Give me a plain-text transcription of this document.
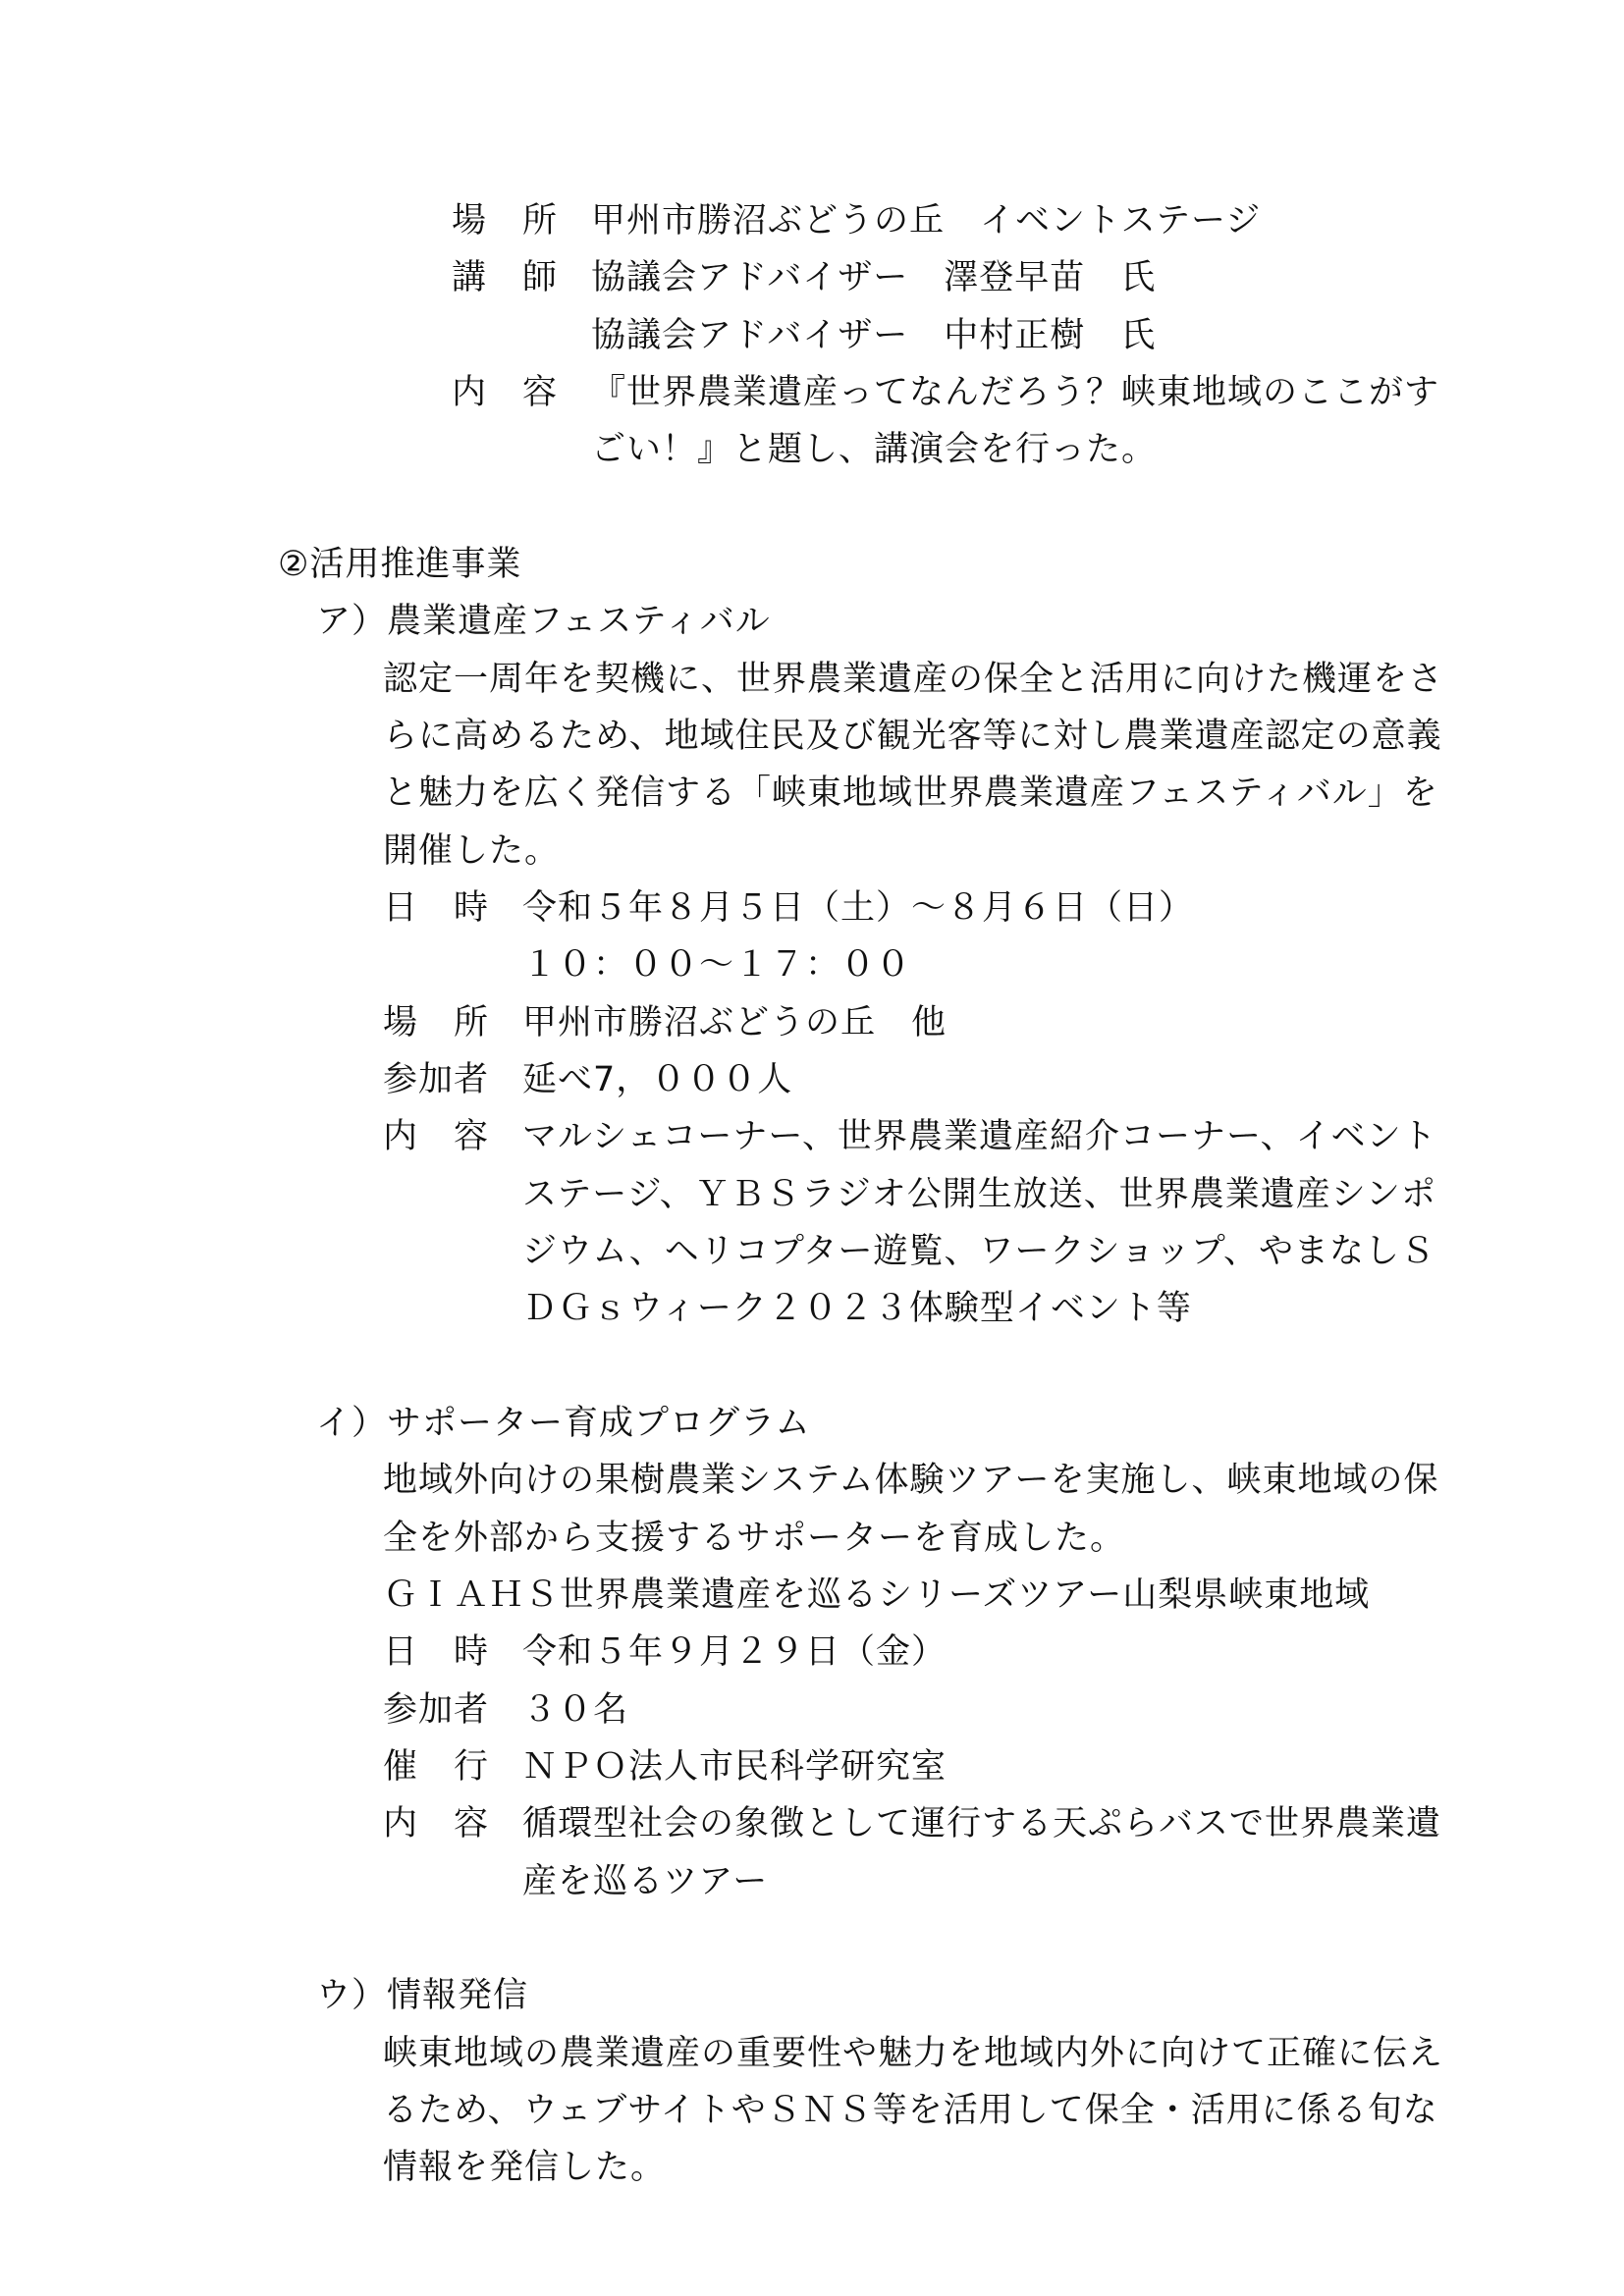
場　所 甲州市勝沼ぶどうの丘　イベントステージ
講　師 協議会アドバイザー　澤登早苗　氏
協議会アドバイザー　中村正樹　氏
内　容 『世界農業遺産ってなんだろう？峡東地域のここがす
ごい！』と題し、講演会を行った。
②活用推進事業
ア）農業遺産フェスティバル
認定一周年を契機に、世界農業遺産の保全と活用に向けた機運をさ
らに高めるため、地域住民及び観光客等に対し農業遺産認定の意義
と魅力を広く発信する「峡東地域世界農業遺産フェスティバル」を
開催した。
日　時 令和５年８月５日（土）～８月６日（日）
１０：００～１７：００
場　所 甲州市勝沼ぶどうの丘　他
参加者 延べ7，０００人
内　容 マルシェコーナー、世界農業遺産紹介コーナー、イベント
ステージ、ＹＢＳラジオ公開生放送、世界農業遺産シンポ
ジウム、ヘリコプター遊覧、ワークショップ、やまなしＳ
ＤＧｓウィーク２０２３体験型イベント等
イ）サポーター育成プログラム
地域外向けの果樹農業システム体験ツアーを実施し、峡東地域の保
全を外部から支援するサポーターを育成した。
ＧＩＡＨＳ世界農業遺産を巡るシリーズツアー山梨県峡東地域
日　時 令和５年９月２９日（金）
参加者 ３０名
催　行 ＮＰＯ法人市民科学研究室
内　容 循環型社会の象徴として運行する天ぷらバスで世界農業遺
産を巡るツアー
ウ）情報発信
峡東地域の農業遺産の重要性や魅力を地域内外に向けて正確に伝え
るため、ウェブサイトやＳＮＳ等を活用して保全・活用に係る旬な
情報を発信した。
